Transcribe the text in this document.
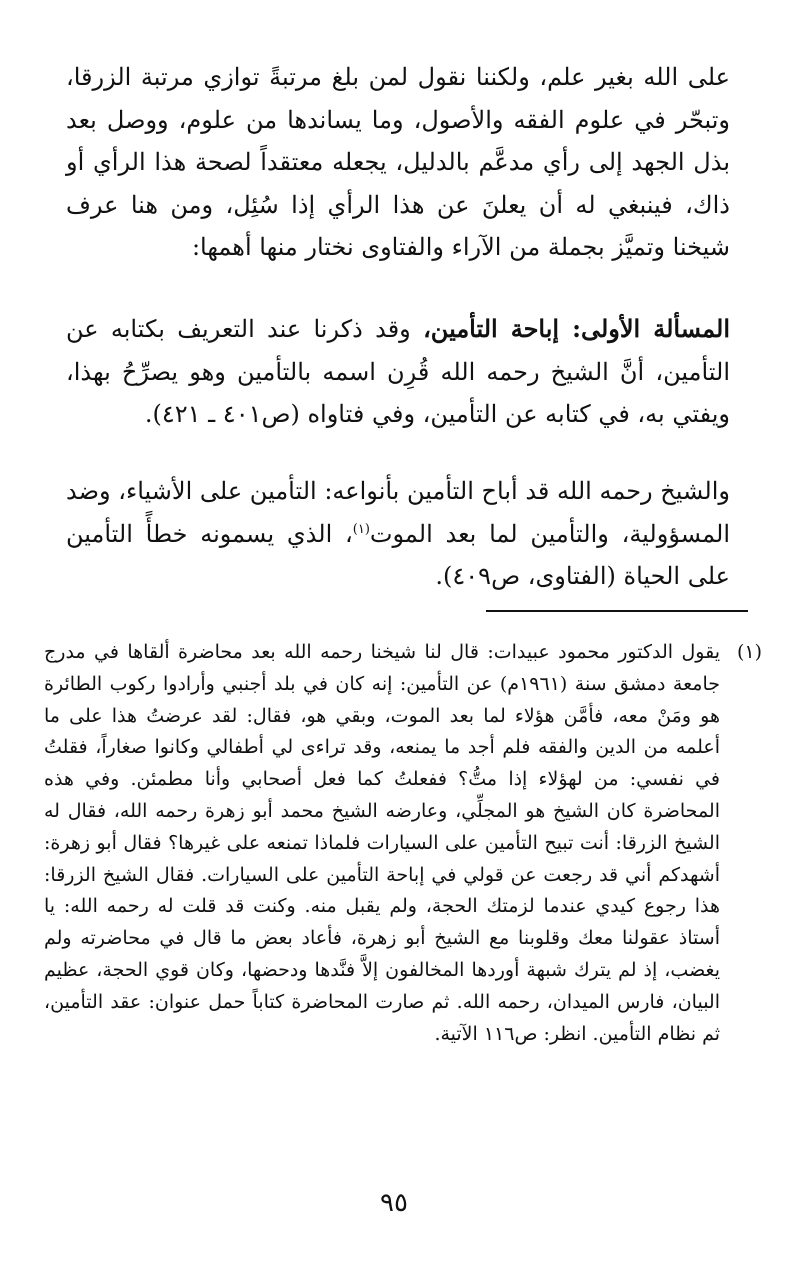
على الله بغير علم، ولكننا نقول لمن بلغ مرتبةً توازي مرتبة الزرقا، وتبحّر في علوم الفقه والأصول، وما يساندها من علوم، ووصل بعد بذل الجهد إلى رأي مدعَّم بالدليل، يجعله معتقداً لصحة هذا الرأي أو ذاك، فينبغي له أن يعلنَ عن هذا الرأي إذا سُئِل، ومن هنا عرف شيخنا وتميَّز بجملة من الآراء والفتاوى نختار منها أهمها:

المسألة الأولى: إباحة التأمين، وقد ذكرنا عند التعريف بكتابه عن التأمين، أنَّ الشيخ رحمه الله قُرِن اسمه بالتأمين وهو يصرِّحُ بهذا، ويفتي به، في كتابه عن التأمين، وفي فتاواه (ص٤٠١ ـ ٤٢١).

والشيخ رحمه الله قد أباح التأمين بأنواعه: التأمين على الأشياء، وضد المسؤولية، والتأمين لما بعد الموت$^{(١)}$، الذي يسمونه خطأً التأمين على الحياة (الفتاوى، ص٤٠٩).

(١)

يقول الدكتور محمود عبيدات: قال لنا شيخنا رحمه الله بعد محاضرة ألقاها في مدرج جامعة دمشق سنة (١٩٦١م) عن التأمين: إنه كان في بلد أجنبي وأرادوا ركوب الطائرة هو ومَنْ معه، فأمَّن هؤلاء لما بعد الموت، وبقي هو، فقال: لقد عرضتُ هذا على ما أعلمه من الدين والفقه فلم أجد ما يمنعه، وقد تراءى لي أطفالي وكانوا صغاراً، فقلتُ في نفسي: من لهؤلاء إذا متُّ؟ ففعلتُ كما فعل أصحابي وأنا مطمئن. وفي هذه المحاضرة كان الشيخ هو المجلِّي، وعارضه الشيخ محمد أبو زهرة رحمه الله، فقال له الشيخ الزرقا: أنت تبيح التأمين على السيارات فلماذا تمنعه على غيرها؟ فقال أبو زهرة: أشهدكم أني قد رجعت عن قولي في إباحة التأمين على السيارات. فقال الشيخ الزرقا: هذا رجوع كيدي عندما لزمتك الحجة، ولم يقبل منه. وكنت قد قلت له رحمه الله: يا أستاذ عقولنا معك وقلوبنا مع الشيخ أبو زهرة، فأعاد بعض ما قال في محاضرته ولم يغضب، إذ لم يترك شبهة أوردها المخالفون إلاَّ فنَّدها ودحضها، وكان قوي الحجة، عظيم البيان، فارس الميدان، رحمه الله. ثم صارت المحاضرة كتاباً حمل عنوان: عقد التأمين، ثم نظام التأمين. انظر: ص١١٦ الآتية.

٩٥
